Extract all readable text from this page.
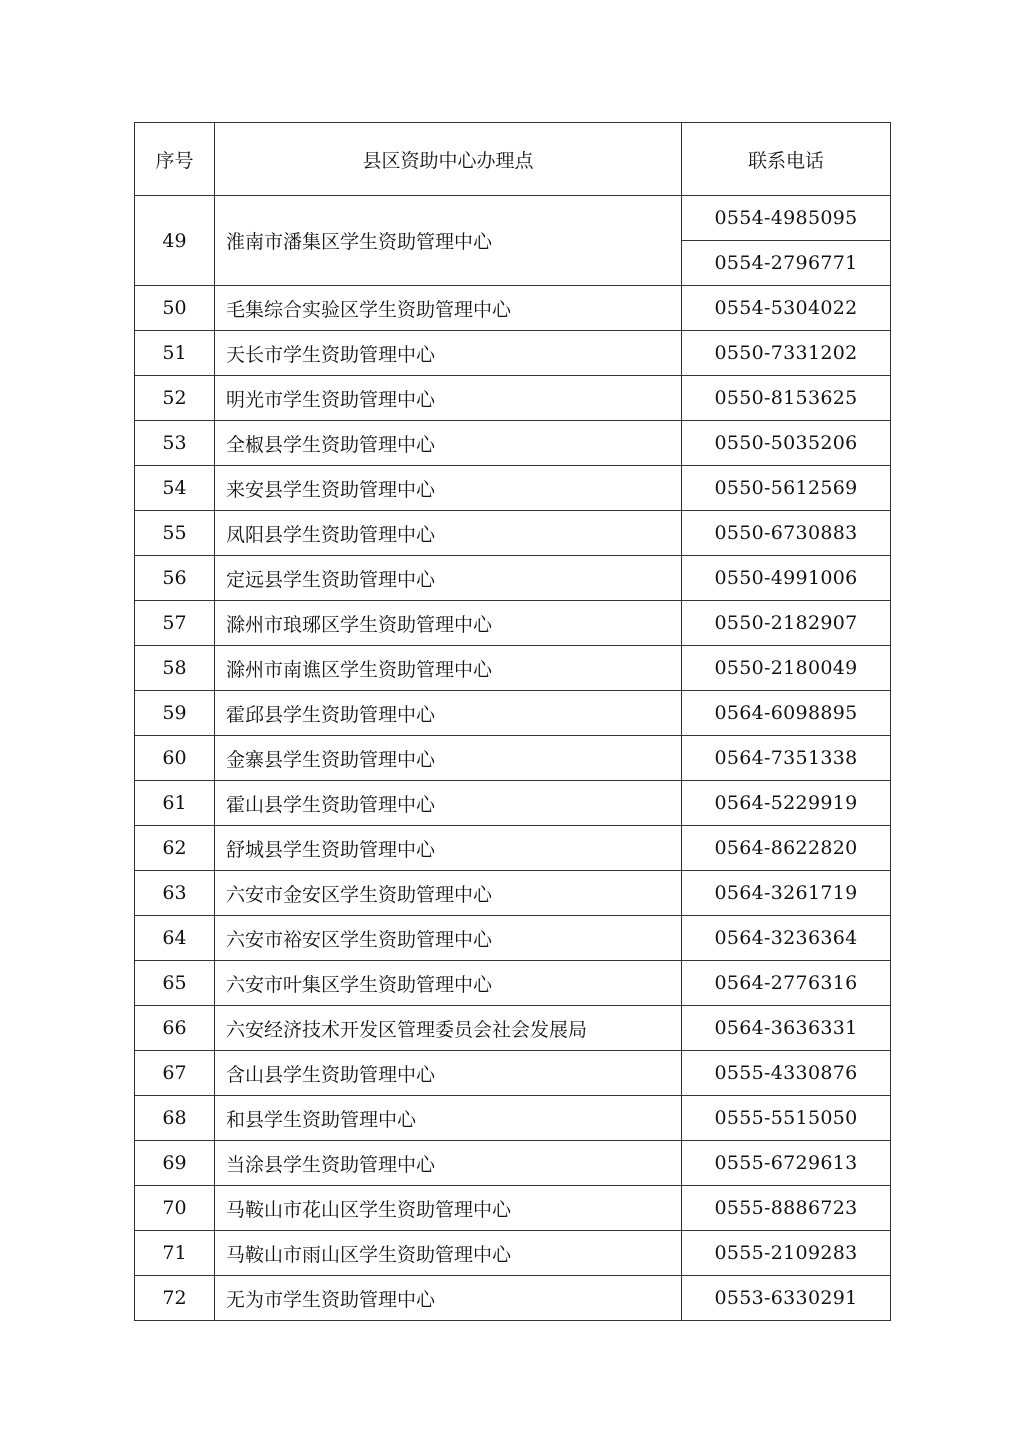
序号	县区资助中心办理点	联系电话
49	淮南市潘集区学生资助管理中心	0554-4985095
		0554-2796771
50	毛集综合实验区学生资助管理中心	0554-5304022
51	天长市学生资助管理中心	0550-7331202
52	明光市学生资助管理中心	0550-8153625
53	全椒县学生资助管理中心	0550-5035206
54	来安县学生资助管理中心	0550-5612569
55	凤阳县学生资助管理中心	0550-6730883
56	定远县学生资助管理中心	0550-4991006
57	滁州市琅琊区学生资助管理中心	0550-2182907
58	滁州市南谯区学生资助管理中心	0550-2180049
59	霍邱县学生资助管理中心	0564-6098895
60	金寨县学生资助管理中心	0564-7351338
61	霍山县学生资助管理中心	0564-5229919
62	舒城县学生资助管理中心	0564-8622820
63	六安市金安区学生资助管理中心	0564-3261719
64	六安市裕安区学生资助管理中心	0564-3236364
65	六安市叶集区学生资助管理中心	0564-2776316
66	六安经济技术开发区管理委员会社会发展局	0564-3636331
67	含山县学生资助管理中心	0555-4330876
68	和县学生资助管理中心	0555-5515050
69	当涂县学生资助管理中心	0555-6729613
70	马鞍山市花山区学生资助管理中心	0555-8886723
71	马鞍山市雨山区学生资助管理中心	0555-2109283
72	无为市学生资助管理中心	0553-6330291
